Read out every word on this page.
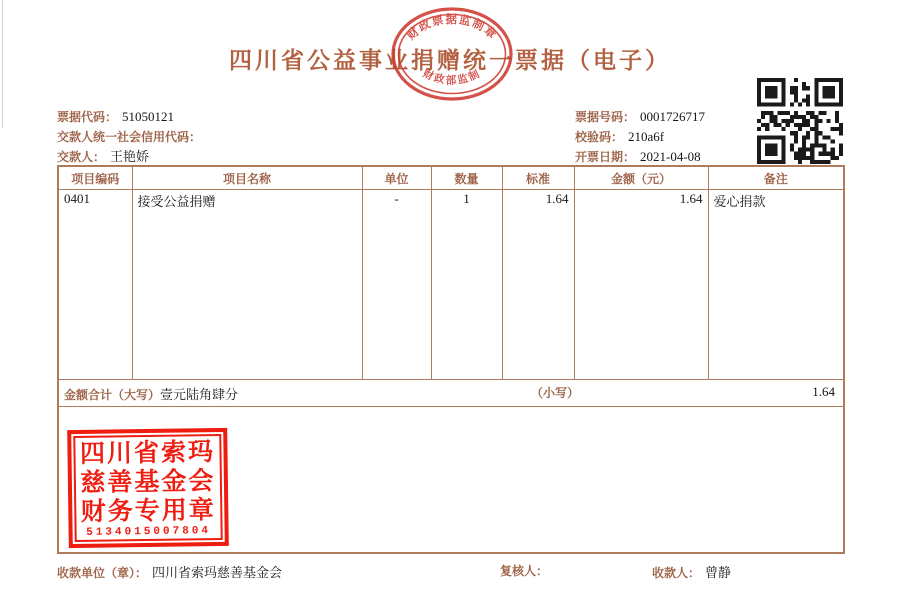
四川省公益事业捐赠统一票据（电子）
财政票据监制章
财政部监制
票据代码： 51050121
交款人统一社会信用代码：
交款人： 王艳娇
票据号码： 0001726717
校验码： 210a6f
开票日期： 2021-04-08
项目编码	项目名称	单位	数量	标准	金额（元）	备注
0401	接受公益捐赠	-	1	1.64	1.64	爱心捐款
金额合计（大写）壹元陆角肆分 （小写） 1.64						

四川省索玛
慈善基金会
财务专用章
5134015007804						
收款单位（章）： 四川省索玛慈善基金会	复核人：	收款人： 曾静
